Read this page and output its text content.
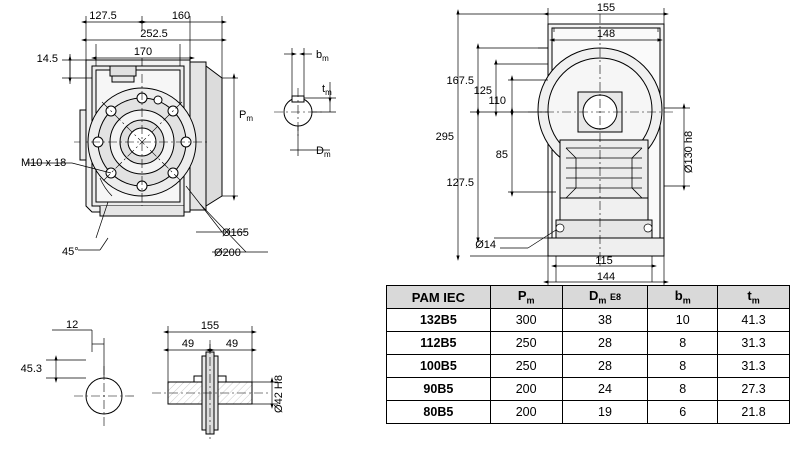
127.5	160
252.5
170
14.5
$P_m$
M10 x 18
45°
Ø165
Ø200
$b_m$
$t_m$
$D_m$
155
148
167.5
125
110
295
127.5
85
Ø14
Ø130 h8
115
144
12
45.3
155
49	49
Ø42 H8
PAM IEC	$P_m$	$D_m$ E8	$b_m$	$t_m$
132B5	300	38	10	41.3
112B5	250	28	8	31.3
100B5	250	28	8	31.3
90B5	200	24	8	27.3
80B5	200	19	6	21.8
